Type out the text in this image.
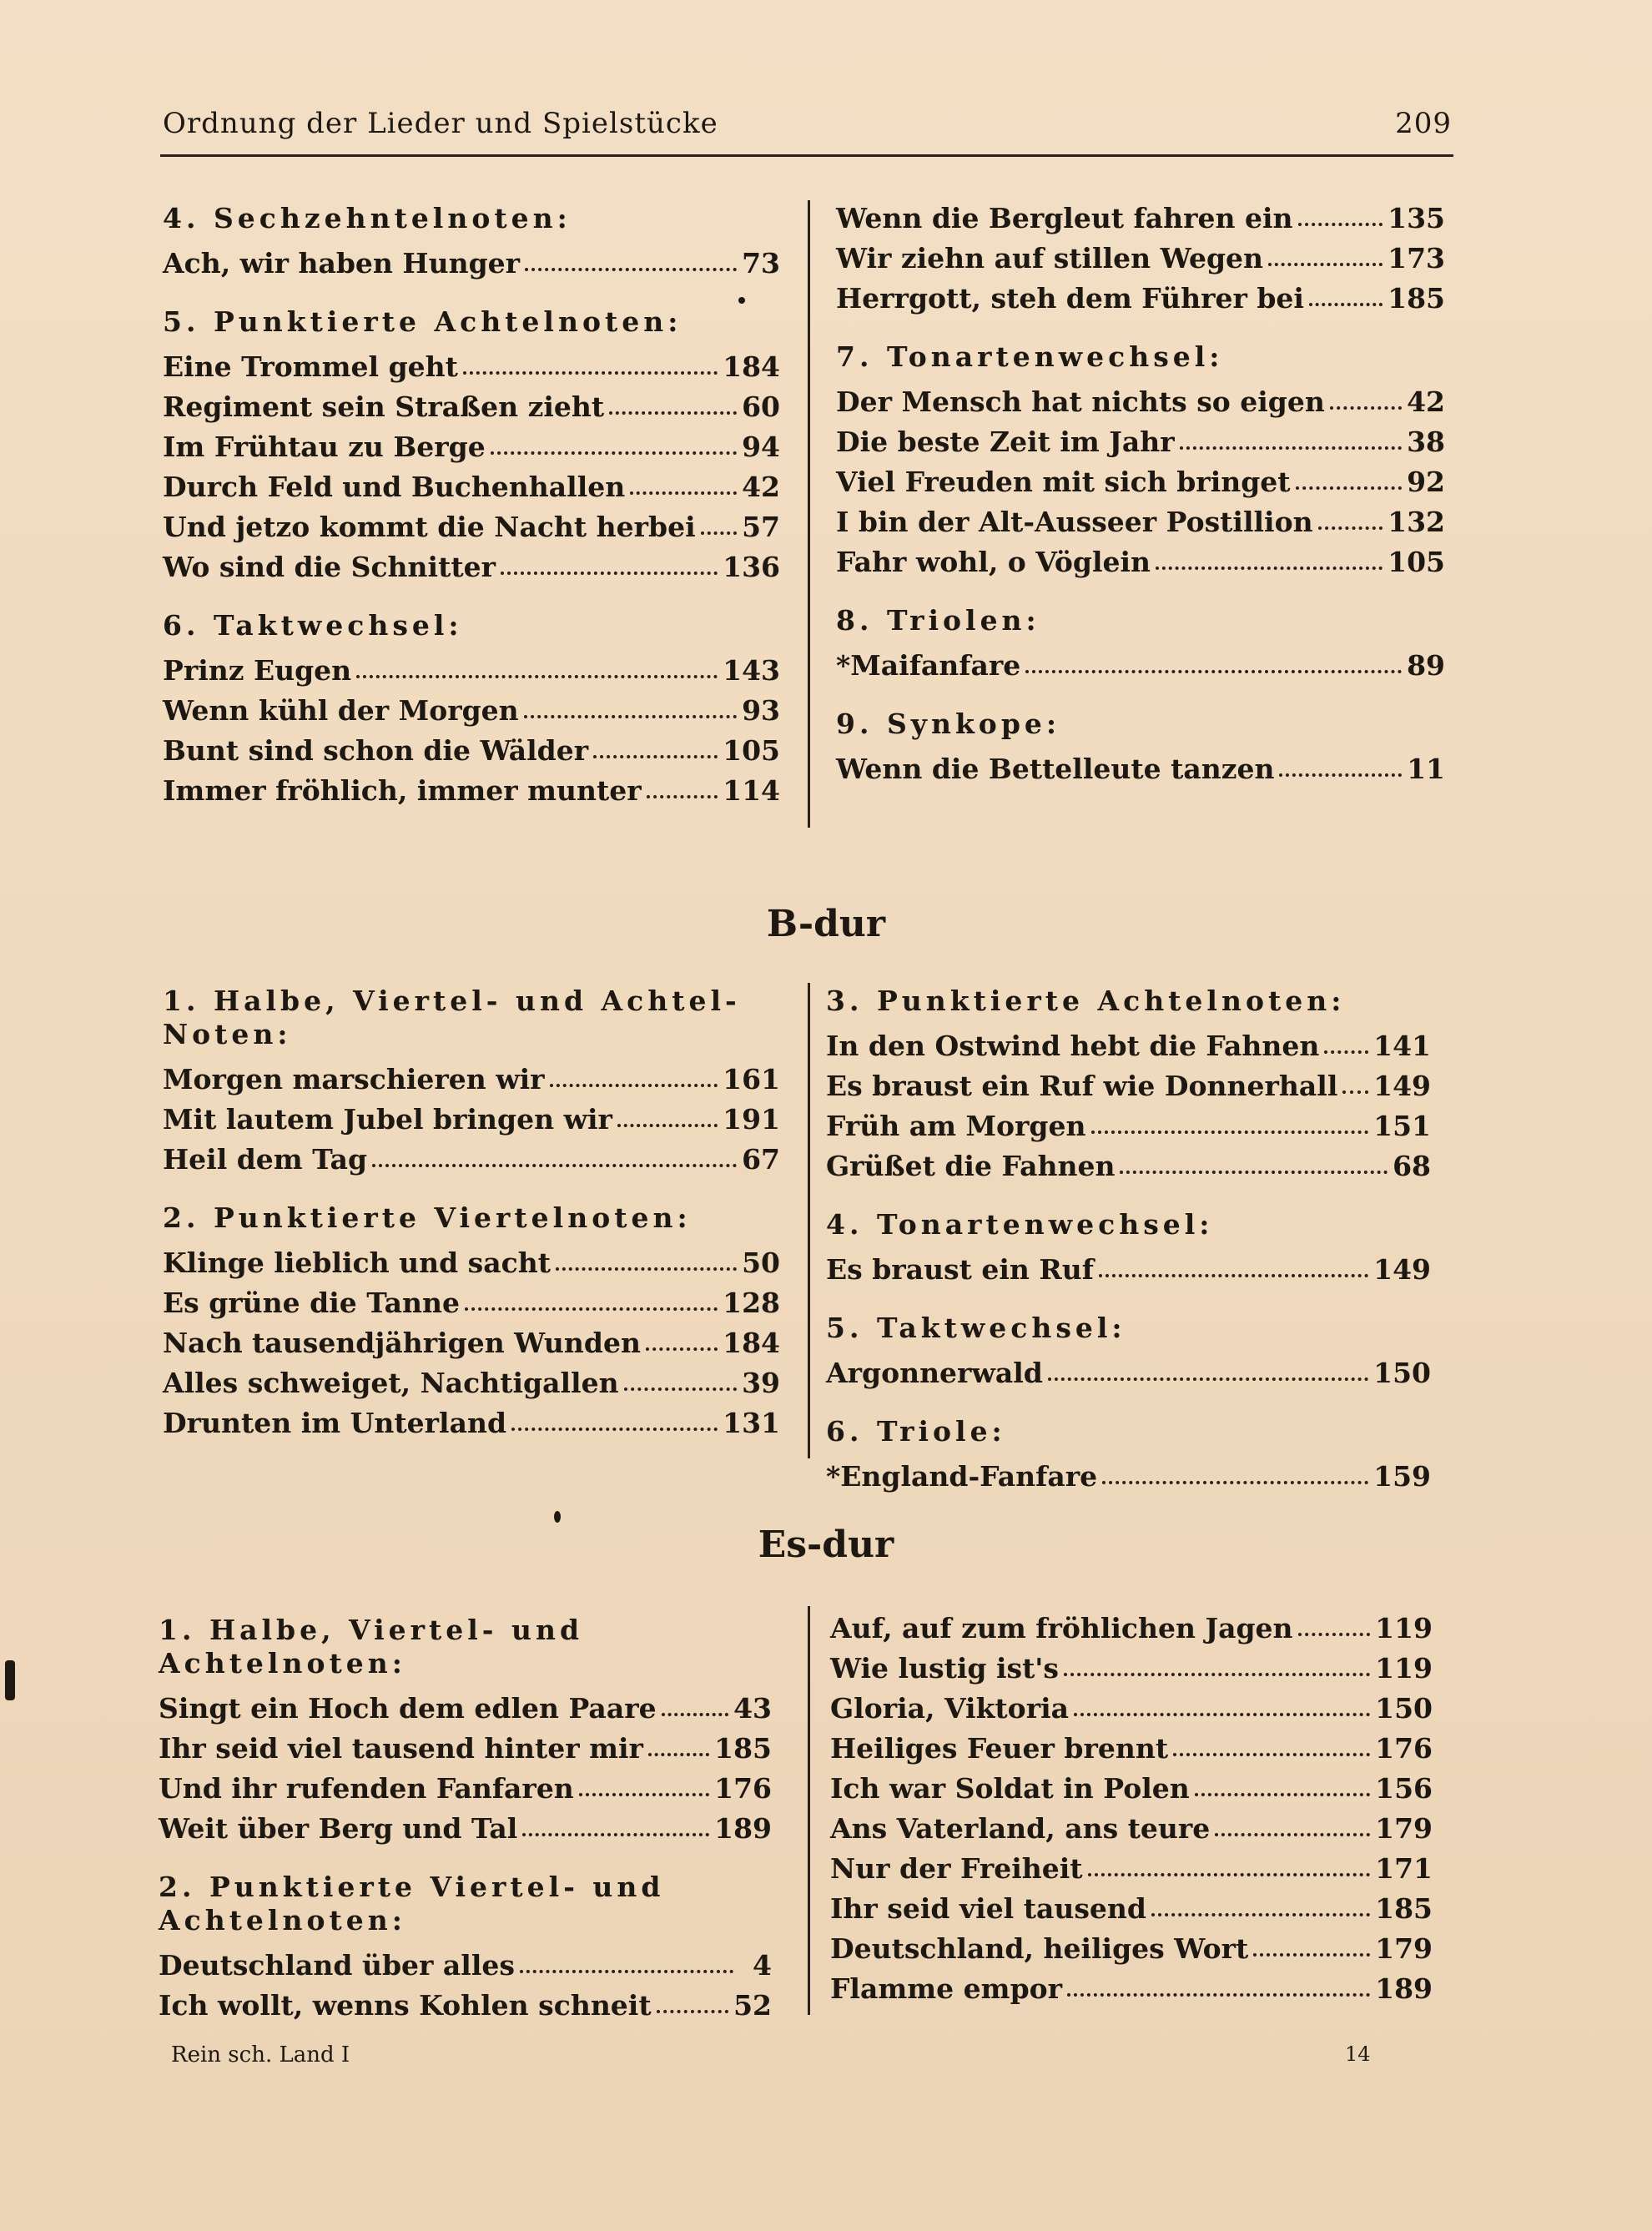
Ordnung der Lieder und Spielstücke	209
4. Sechzehntelnoten:
Ach, wir haben Hunger	73
5. Punktierte Achtelnoten:
Eine Trommel geht	184
Regiment sein Straßen zieht	60
Im Frühtau zu Berge	94
Durch Feld und Buchenhallen	42
Und jetzo kommt die Nacht herbei 57
Wo sind die Schnitter	136
6. Taktwechsel:
Prinz Eugen	143
Wenn kühl der Morgen	93
Bunt sind schon die Wälder	105
Immer fröhlich, immer munter	114
Wenn die Bergleut fahren ein	135
Wir ziehn auf stillen Wegen	173
Herrgott, steh dem Führer bei	185
7. Tonartenwechsel:
Der Mensch hat nichts so eigen	42
Die beste Zeit im Jahr	38
Viel Freuden mit sich bringet	92
I bin der Alt-Ausseer Postillion	132
Fahr wohl, o Vöglein	105
8. Triolen:
*Maifanfare	89
9. Synkope:
Wenn die Bettelleute tanzen	11
B-dur
1. Halbe, Viertel- und Achtel-Noten:
Morgen marschieren wir	161
Mit lautem Jubel bringen wir	191
Heil dem Tag	67
2. Punktierte Viertelnoten:
Klinge lieblich und sacht	50
Es grüne die Tanne	128
Nach tausendjährigen Wunden	184
Alles schweiget, Nachtigallen	39
Drunten im Unterland	131
3. Punktierte Achtelnoten:
In den Ostwind hebt die Fahnen 141
Es braust ein Ruf wie Donnerhall 149
Früh am Morgen	151
Grüßet die Fahnen	68
4. Tonartenwechsel:
Es braust ein Ruf	149
5. Taktwechsel:
Argonnerwald	150
6. Triole:
*England-Fanfare	159
Es-dur
1. Halbe, Viertel- und Achtelnoten:
Singt ein Hoch dem edlen Paare	43
Ihr seid viel tausend hinter mir	185
Und ihr rufenden Fanfaren	176
Weit über Berg und Tal	189
2. Punktierte Viertel- und Achtelnoten:
Deutschland über alles	4
Ich wollt, wenns Kohlen schneit	52
Auf, auf zum fröhlichen Jagen	119
Wie lustig ist's	119
Gloria, Viktoria	150
Heiliges Feuer brennt	176
Ich war Soldat in Polen	156
Ans Vaterland, ans teure	179
Nur der Freiheit	171
Ihr seid viel tausend	185
Deutschland, heiliges Wort	179
Flamme empor	189
Rein sch. Land I	14
